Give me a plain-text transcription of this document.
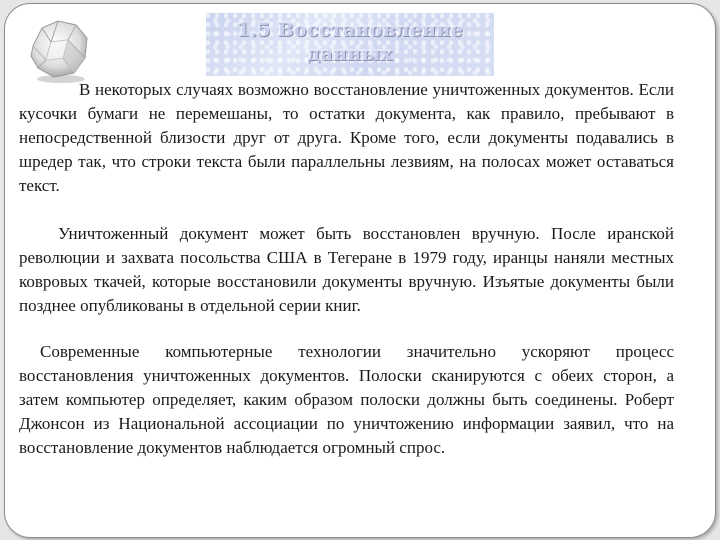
1.5 Восстановление данных

В некоторых случаях возможно восстановление уничтоженных документов. Если кусочки бумаги не перемешаны, то остатки документа, как правило, пребывают в непосредственной близости друг от друга. Кроме того, если документы подавались в шредер так, что строки текста были параллельны лезвиям, на полосах может оставаться текст.

Уничтоженный документ может быть восстановлен вручную. После иранской революции и захвата посольства США в Тегеране в 1979 году, иранцы наняли местных ковровых ткачей, которые восстановили документы вручную. Изъятые документы были позднее опубликованы в отдельной серии книг.

Современные компьютерные технологии значительно ускоряют процесс восстановления уничтоженных документов. Полоски сканируются с обеих сторон, а затем компьютер определяет, каким образом полоски должны быть соединены. Роберт Джонсон из Национальной ассоциации по уничтожению информации заявил, что на восстановление документов наблюдается огромный спрос.
